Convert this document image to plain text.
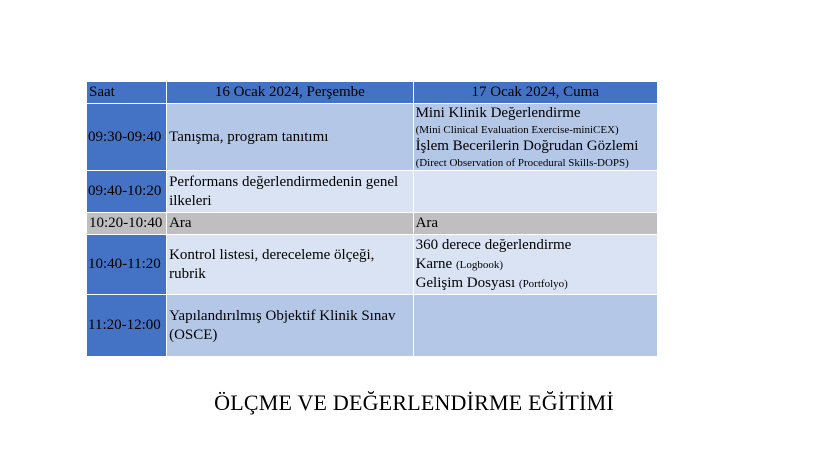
Saat	16 Ocak 2024, Perşembe	17 Ocak 2024, Cuma
09:30-09:40	Tanışma, program tanıtımı	Mini Klinik Değerlendirme
(Mini Clinical Evaluation Exercise-miniCEX)
İşlem Becerilerin Doğrudan Gözlemi
(Direct Observation of Procedural Skills-DOPS)

09:40-10:20	Performans değerlendirmedenin genel ilkeleri	
10:20-10:40	Ara	Ara
10:40-11:20	Kontrol listesi, dereceleme ölçeği, rubrik	360 derece değerlendirme
Karne (Logbook)
Gelişim Dosyası (Portfolyo)

11:20-12:00	Yapılandırılmış Objektif Klinik Sınav (OSCE)	
ÖLÇME VE DEĞERLENDİRME EĞİTİMİ
